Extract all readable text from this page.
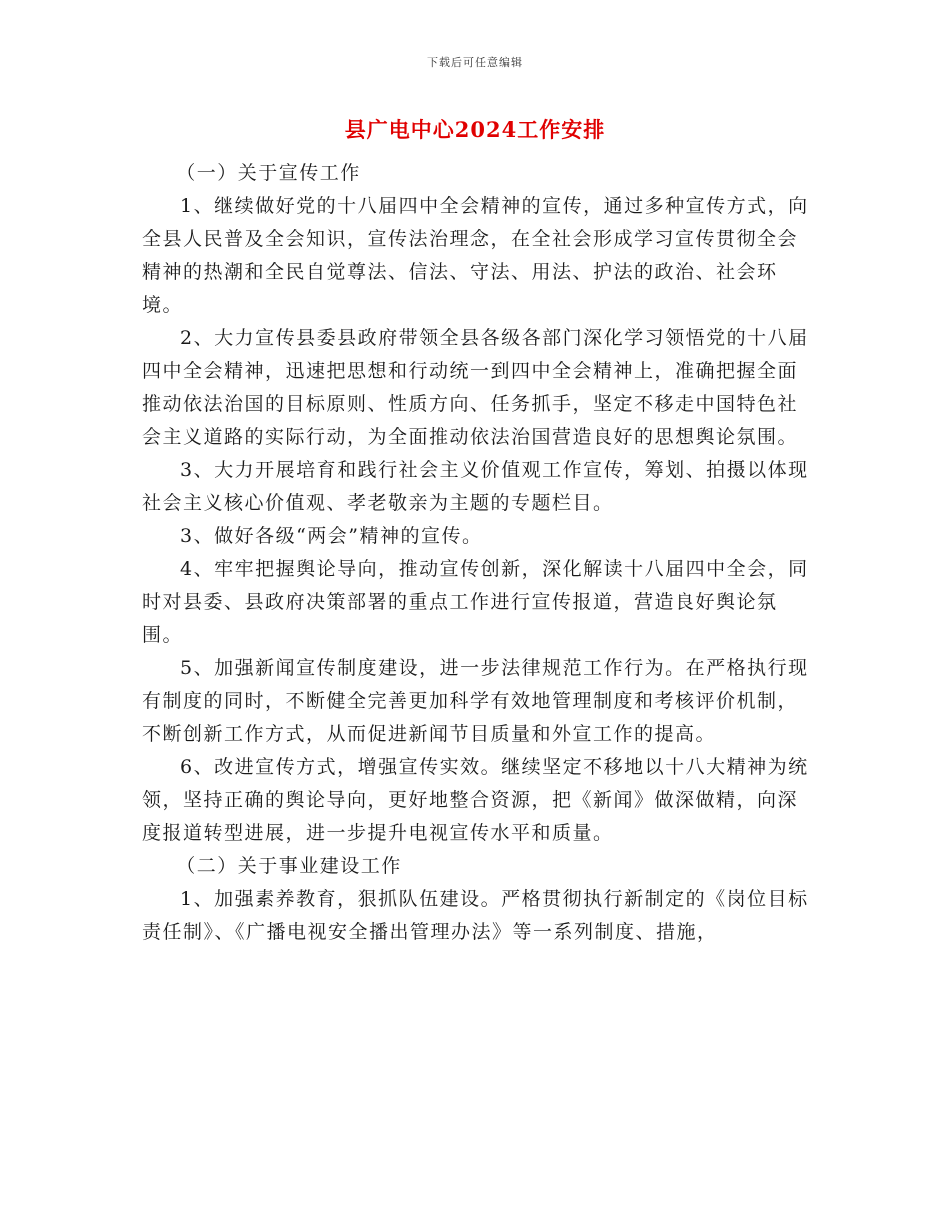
下载后可任意编辑
县广电中心2024工作安排

（一）关于宣传工作

1、继续做好党的十八届四中全会精神的宣传，通过多种宣传方式，向全县人民普及全会知识，宣传法治理念，在全社会形成学习宣传贯彻全会精神的热潮和全民自觉尊法、信法、守法、用法、护法的政治、社会环境。

2、大力宣传县委县政府带领全县各级各部门深化学习领悟党的十八届四中全会精神，迅速把思想和行动统一到四中全会精神上，准确把握全面推动依法治国的目标原则、性质方向、任务抓手，坚定不移走中国特色社会主义道路的实际行动，为全面推动依法治国营造良好的思想舆论氛围。

3、大力开展培育和践行社会主义价值观工作宣传，筹划、拍摄以体现社会主义核心价值观、孝老敬亲为主题的专题栏目。

3、做好各级“两会”精神的宣传。

4、牢牢把握舆论导向，推动宣传创新，深化解读十八届四中全会，同时对县委、县政府决策部署的重点工作进行宣传报道，营造良好舆论氛围。

5、加强新闻宣传制度建设，进一步法律规范工作行为。在严格执行现有制度的同时，不断健全完善更加科学有效地管理制度和考核评价机制，不断创新工作方式，从而促进新闻节目质量和外宣工作的提高。

6、改进宣传方式，增强宣传实效。继续坚定不移地以十八大精神为统领，坚持正确的舆论导向，更好地整合资源，把《新闻》做深做精，向深度报道转型进展，进一步提升电视宣传水平和质量。

（二）关于事业建设工作

1、加强素养教育，狠抓队伍建设。严格贯彻执行新制定的《岗位目标责任制》、《广播电视安全播出管理办法》等一系列制度、措施，
